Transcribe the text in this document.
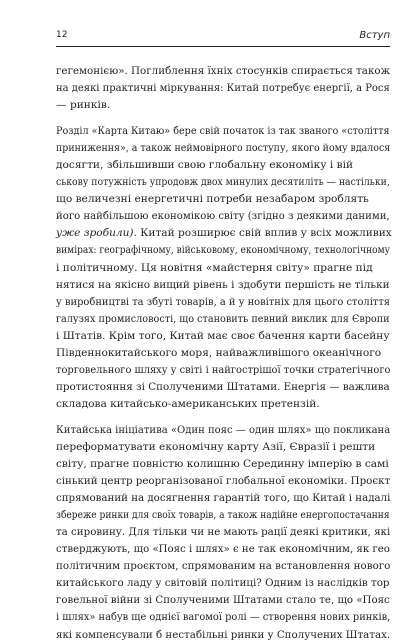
12	Вступ
гегемонією». Поглиблення їхніх стосунків спирається також
на деякі практичні міркування: Китай потребує енергії, а Рося
— ринків.
Розділ «Карта Китаю» бере свій початок із так званого «століття
приниження», а також неймовірного поступу, якого йому вдалося
досягти, збільшивши свою глобальну економіку і вій
ськову потужність упродовж двох минулих десятиліть — настільки,
що величезні енергетичні потреби незабаром зроблять
його найбільшою економікою світу (згідно з деякими даними,
уже зробили). Китай розширює свій вплив у всіх можливих
вимірах: географічному, військовому, економічному, технологічному
і політичному. Ця новітня «майстерня світу» прагне під
нятися на якісно вищий рівень і здобути першість не тільки
у виробництві та збуті товарів, а й у новітніх для цього століття
галузях промисловості, що становить певний виклик для Європи
і Штатів. Крім того, Китай має своє бачення карти басейну
Південнокитайського моря, найважливішого океанічного
торговельного шляху у світі і найгострішої точки стратегічного
протистояння зі Сполученими Штатами. Енергія — важлива
складова китайсько-американських претензій.
Китайська ініціатива «Один пояс — один шлях» що покликана
переформатувати економічну карту Азії, Євразії і решти
світу, прагне повністю колишню Серединну імперію в самі
сінький центр реорганізованої глобальної економіки. Проєкт
спрямований на досягнення гарантій того, що Китай і надалі
збереже ринки для своїх товарів, а також надійне енергопостачання
та сировину. Для тільки чи не мають рації деякі критики, які
стверджують, що «Пояс і шлях» є не так економічним, як гео
політичним проєктом, спрямованим на встановлення нового
китайського ладу у світовій політиці? Одним із наслідків тор
говельної війни зі Сполученими Штатами стало те, що «Пояс
і шлях» набув ще однієї вагомої ролі — створення нових ринків,
які компенсували б нестабільні ринки у Сполучених Штатах.
